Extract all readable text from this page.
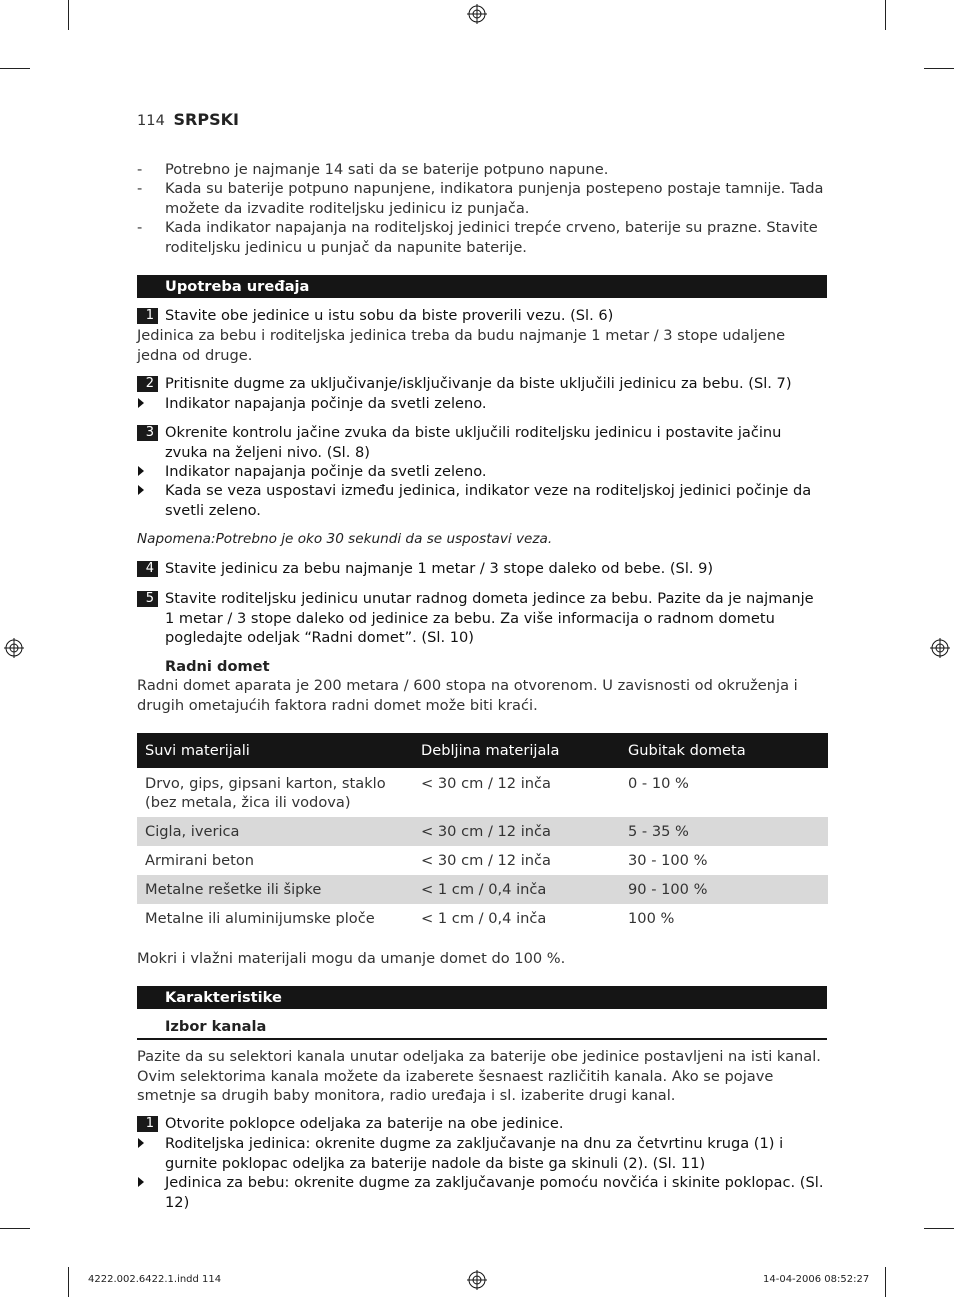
114 SRPSKI
-	Potrebno je najmanje 14 sati da se baterije potpuno napune.
-	Kada su baterije potpuno napunjene, indikatora punjenja postepeno postaje tamnije. Tada možete da izvadite roditeljsku jedinicu iz punjača.
-	Kada indikator napajanja na roditeljskoj jedinici trepće crveno, baterije su prazne. Stavite roditeljsku jedinicu u punjač da napunite baterije.
Upotreba uređaja
1 Stavite obe jedinice u istu sobu da biste proverili vezu. (Sl. 6)
Jedinica za bebu i roditeljska jedinica treba da budu najmanje 1 metar / 3 stope udaljene jedna od druge.
2 Pritisnite dugme za uključivanje/isključivanje da biste uključili jedinicu za bebu. (Sl. 7)
Indikator napajanja počinje da svetli zeleno.
3 Okrenite kontrolu jačine zvuka da biste uključili roditeljsku jedinicu i postavite jačinu zvuka na željeni nivo. (Sl. 8)
Indikator napajanja počinje da svetli zeleno.
Kada se veza uspostavi između jedinica, indikator veze na roditeljskoj jedinici počinje da svetli zeleno.
Napomena:Potrebno je oko 30 sekundi da se uspostavi veza.
4 Stavite jedinicu za bebu najmanje 1 metar / 3 stope daleko od bebe. (Sl. 9)
5 Stavite roditeljsku jedinicu unutar radnog dometa jedince za bebu. Pazite da je najmanje 1 metar / 3 stope daleko od jedinice za bebu. Za više informacija o radnom dometu pogledajte odeljak “Radni domet”. (Sl. 10)
Radni domet
Radni domet aparata je 200 metara / 600 stopa na otvorenom. U zavisnosti od okruženja i drugih ometajućih faktora radni domet može biti kraći.
Suvi materijali	Debljina materijala	Gubitak dometa
Drvo, gips, gipsani karton, staklo (bez metala, žica ili vodova)	< 30 cm / 12 inča	0 - 10 %
Cigla, iverica	< 30 cm / 12 inča	5 - 35 %
Armirani beton	< 30 cm / 12 inča	30 - 100 %
Metalne rešetke ili šipke	< 1 cm / 0,4 inča	90 - 100 %
Metalne ili aluminijumske ploče	< 1 cm / 0,4 inča	100 %
Mokri i vlažni materijali mogu da umanje domet do 100 %.
Karakteristike
Izbor kanala
Pazite da su selektori kanala unutar odeljaka za baterije obe jedinice postavljeni na isti kanal. Ovim selektorima kanala možete da izaberete šesnaest različitih kanala. Ako se pojave smetnje sa drugih baby monitora, radio uređaja i sl. izaberite drugi kanal.
1 Otvorite poklopce odeljaka za baterije na obe jedinice.
Roditeljska jedinica: okrenite dugme za zaključavanje na dnu za četvrtinu kruga (1) i gurnite poklopac odeljka za baterije nadole da biste ga skinuli (2). (Sl. 11)
Jedinica za bebu: okrenite dugme za zaključavanje pomoću novčića i skinite poklopac. (Sl. 12)
4222.002.6422.1.indd 114	14-04-2006 08:52:27
